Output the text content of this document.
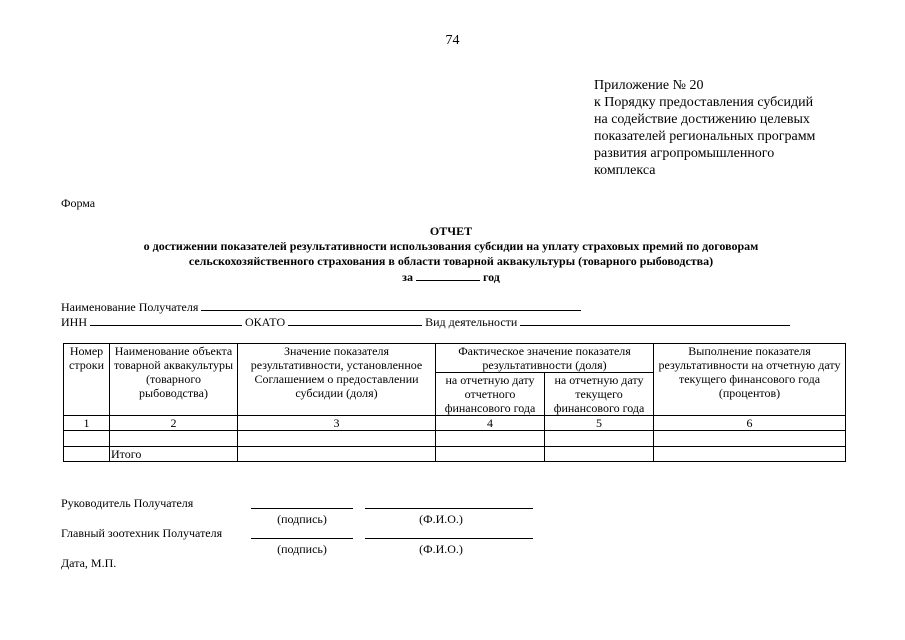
74
Приложение № 20
к Порядку предоставления субсидий
на содействие достижению целевых
показателей региональных программ
развития агропромышленного
комплекса
Форма
ОТЧЕТ
о достижении показателей результативности использования субсидии на уплату страховых премий по договорам
сельскохозяйственного страхования в области товарной аквакультуры (товарного рыбоводства)
за	год
Наименование Получателя
ИНН	ОКАТО	Вид деятельности
Номер строки	Наименование объекта товарной аквакультуры (товарного рыбоводства)	Значение показателя результативности, установленное Соглашением о предоставлении субсидии (доля)	Фактическое значение показателя результативности (доля)		Выполнение показателя результативности на отчетную дату текущего финансового года (процентов)
			на отчетную дату отчетного финансового года	на отчетную дату текущего финансового года	
1	2	3	4	5	6

	Итого				
Руководитель Получателя
(подпись)	(Ф.И.О.)
Главный зоотехник Получателя
(подпись)	(Ф.И.О.)
Дата, М.П.
